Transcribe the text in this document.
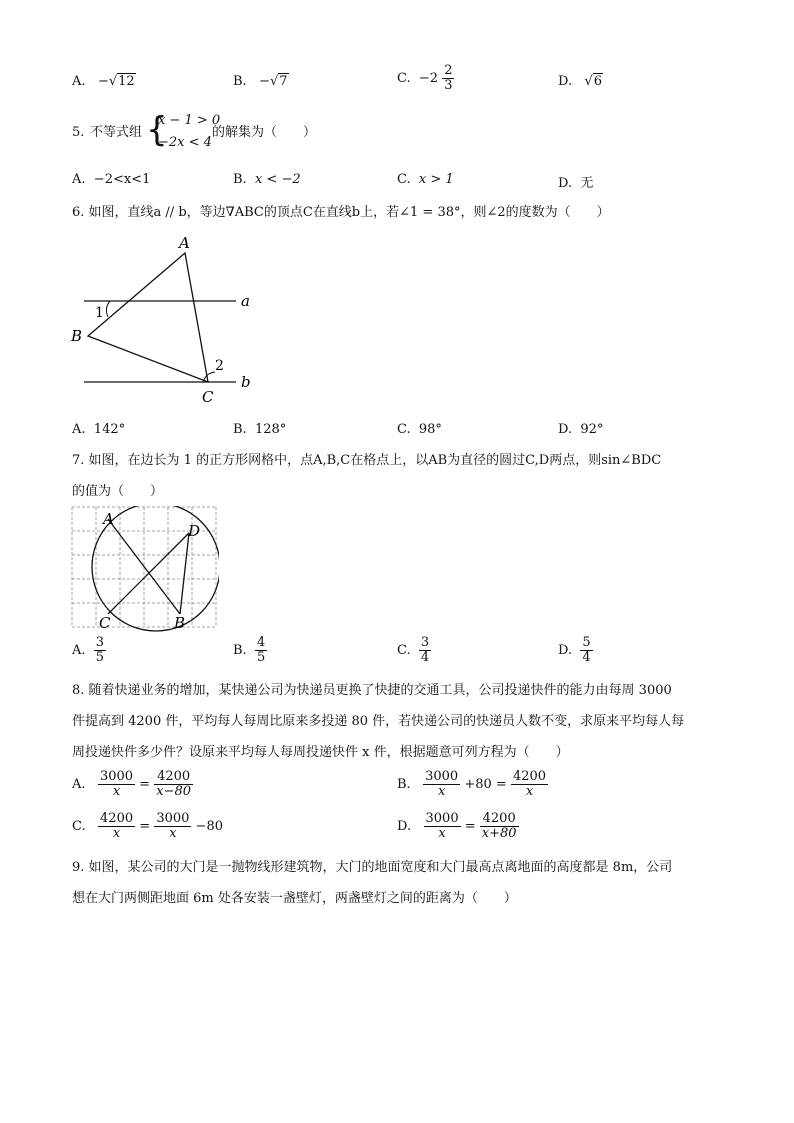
A. −√12	B. −√7	C. $-2 \frac{2}{3}$	D. √6
5. 不等式组 {
x − 1 > 0
−2x < 4
的解集为（　　）
A. −2<x<1	B. x < −2	C. x > 1	D. 无
6. 如图，直线a // b，等边∇ABC的顶点C在直线b上，若∠1 = 38°，则∠2的度数为（　　）
A
B
C
a
b
1
2
A. 142°	B. 128°	C. 98°	D. 92°
7. 如图，在边长为 1 的正方形网格中，点A,B,C在格点上，以AB为直径的圆过C,D两点，则sin∠BDC
的值为（　　）
A
D
C	B
A. $\frac{3}{5}$	B. $\frac{4}{5}$	C. $\frac{3}{4}$	D. $\frac{5}{4}$
8. 随着快递业务的增加，某快递公司为快递员更换了快捷的交通工具，公司投递快件的能力由每周 3000
件提高到 4200 件，平均每人每周比原来多投递 80 件，若快递公司的快递员人数不变，求原来平均每人每
周投递快件多少件？设原来平均每人每周投递快件 x 件，根据题意可列方程为（　　）
A. $\frac{3000}{x} = \frac{4200}{x-80}$	B. $\frac{3000}{x} +80 = \frac{4200}{x}$
C. $\frac{4200}{x} = \frac{3000}{x} -80$	D. $\frac{3000}{x} = \frac{4200}{x+80}$
9. 如图，某公司的大门是一抛物线形建筑物，大门的地面宽度和大门最高点离地面的高度都是 8m，公司
想在大门两侧距地面 6m 处各安装一盏壁灯，两盏壁灯之间的距离为（　　）
